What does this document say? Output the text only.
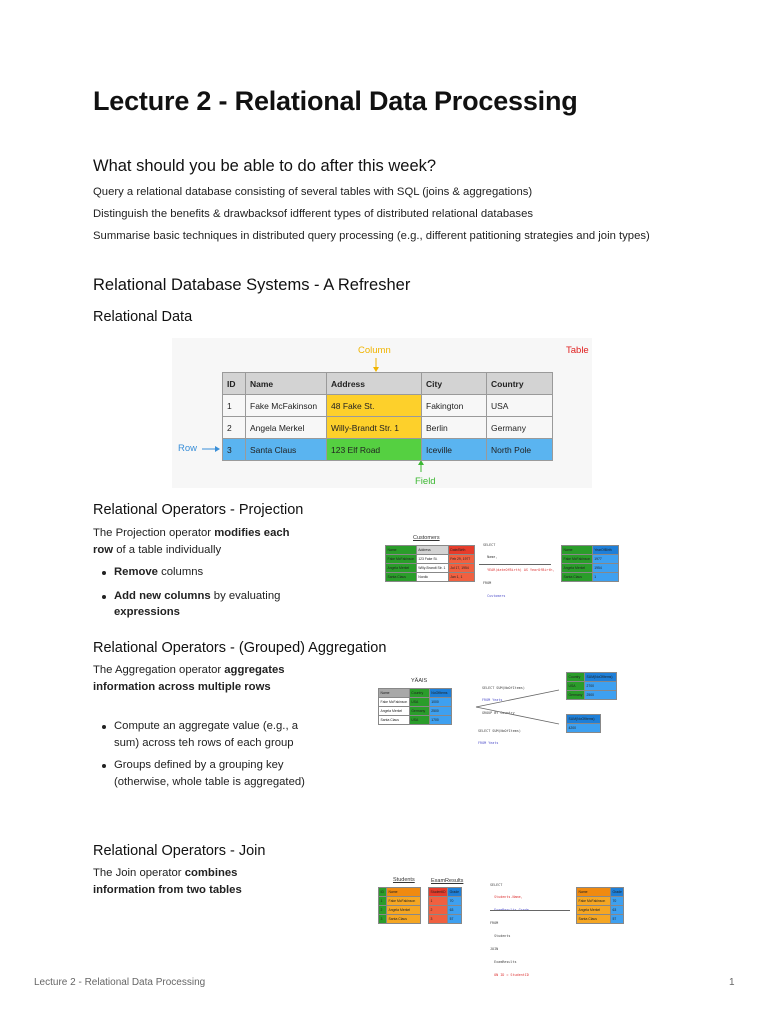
Lecture 2 - Relational Data Processing
What should you be able to do after this week?

Query a relational database consisting of several tables with SQL (joins & aggregations)

Distinguish the benefits & drawbacksof idfferent types of distributed relational databases

Summarise basic techniques in distributed query processing (e.g., different patitioning strategies and join types)

Relational Database Systems - A Refresher
Relational Data
Column	Table
Row
Field
ID	Name	Address	City	Country
1	Fake McFakinson	48 Fake St.	Fakington	USA
2	Angela Merkel	Willy-Brandt Str. 1	Berlin	Germany
3	Santa Claus	123 Elf Road	Iceville	North Pole
Relational Operators - Projection
The Projection operator modifies each row of a table individually
Remove columns
Add new columns by evaluating expressions
Customers
Name	Address	Date/Birth
Fake McFakinson	123 Fake St.	Feb 29, 1977
Angela Merkel	Willy-Brandt Str. 1	Jul 17, 1954
Santa Claus	Nordic	Jan 1, 1

SELECT

Name,

YEAR(dateOfBirth) AS YearOfBirth,

FROM

Customers

Name	YearOfBirth
Fake McFakinson	1977
Angela Merkel	1954
Santa Claus	1
Relational Operators - (Grouped) Aggregation
The Aggregation operator aggregates information across multiple rows
Compute an aggregate value (e.g., a sum) across teh rows of each group
Groups defined by a grouping key (otherwise, whole table is aggregated)
YÄAIS
Name	Country	NoOfItems
Fake McFakinson	USA	1000
Angela Merkel	Germany	2500
Santa Claus	USA	1700

SELECT SUM(NoOfItems)

FROM Yeats

GROUP BY Country

SELECT SUM(NoOfItems)

FROM Yeats

Country	SUM(NoOfItems)
USA	2700
Germany	2500
SUM(NoOfItems)
4200
Relational Operators - Join
The Join operator combines information from two tables
Students	ExamResults
ID	Name
1	Fake McFakinson
2	Angela Merkel
3	Santa Claus
StudentID	Grade
1	70
2	63
3	57

SELECT

Students.Name,

FROM

Students

JOIN

ExamResults

ON ID = StudentID

Name	Grade
Fake McFakinson	70
Angela Merkel	63
Santa Claus	57
Lecture 2 - Relational Data Processing	1
